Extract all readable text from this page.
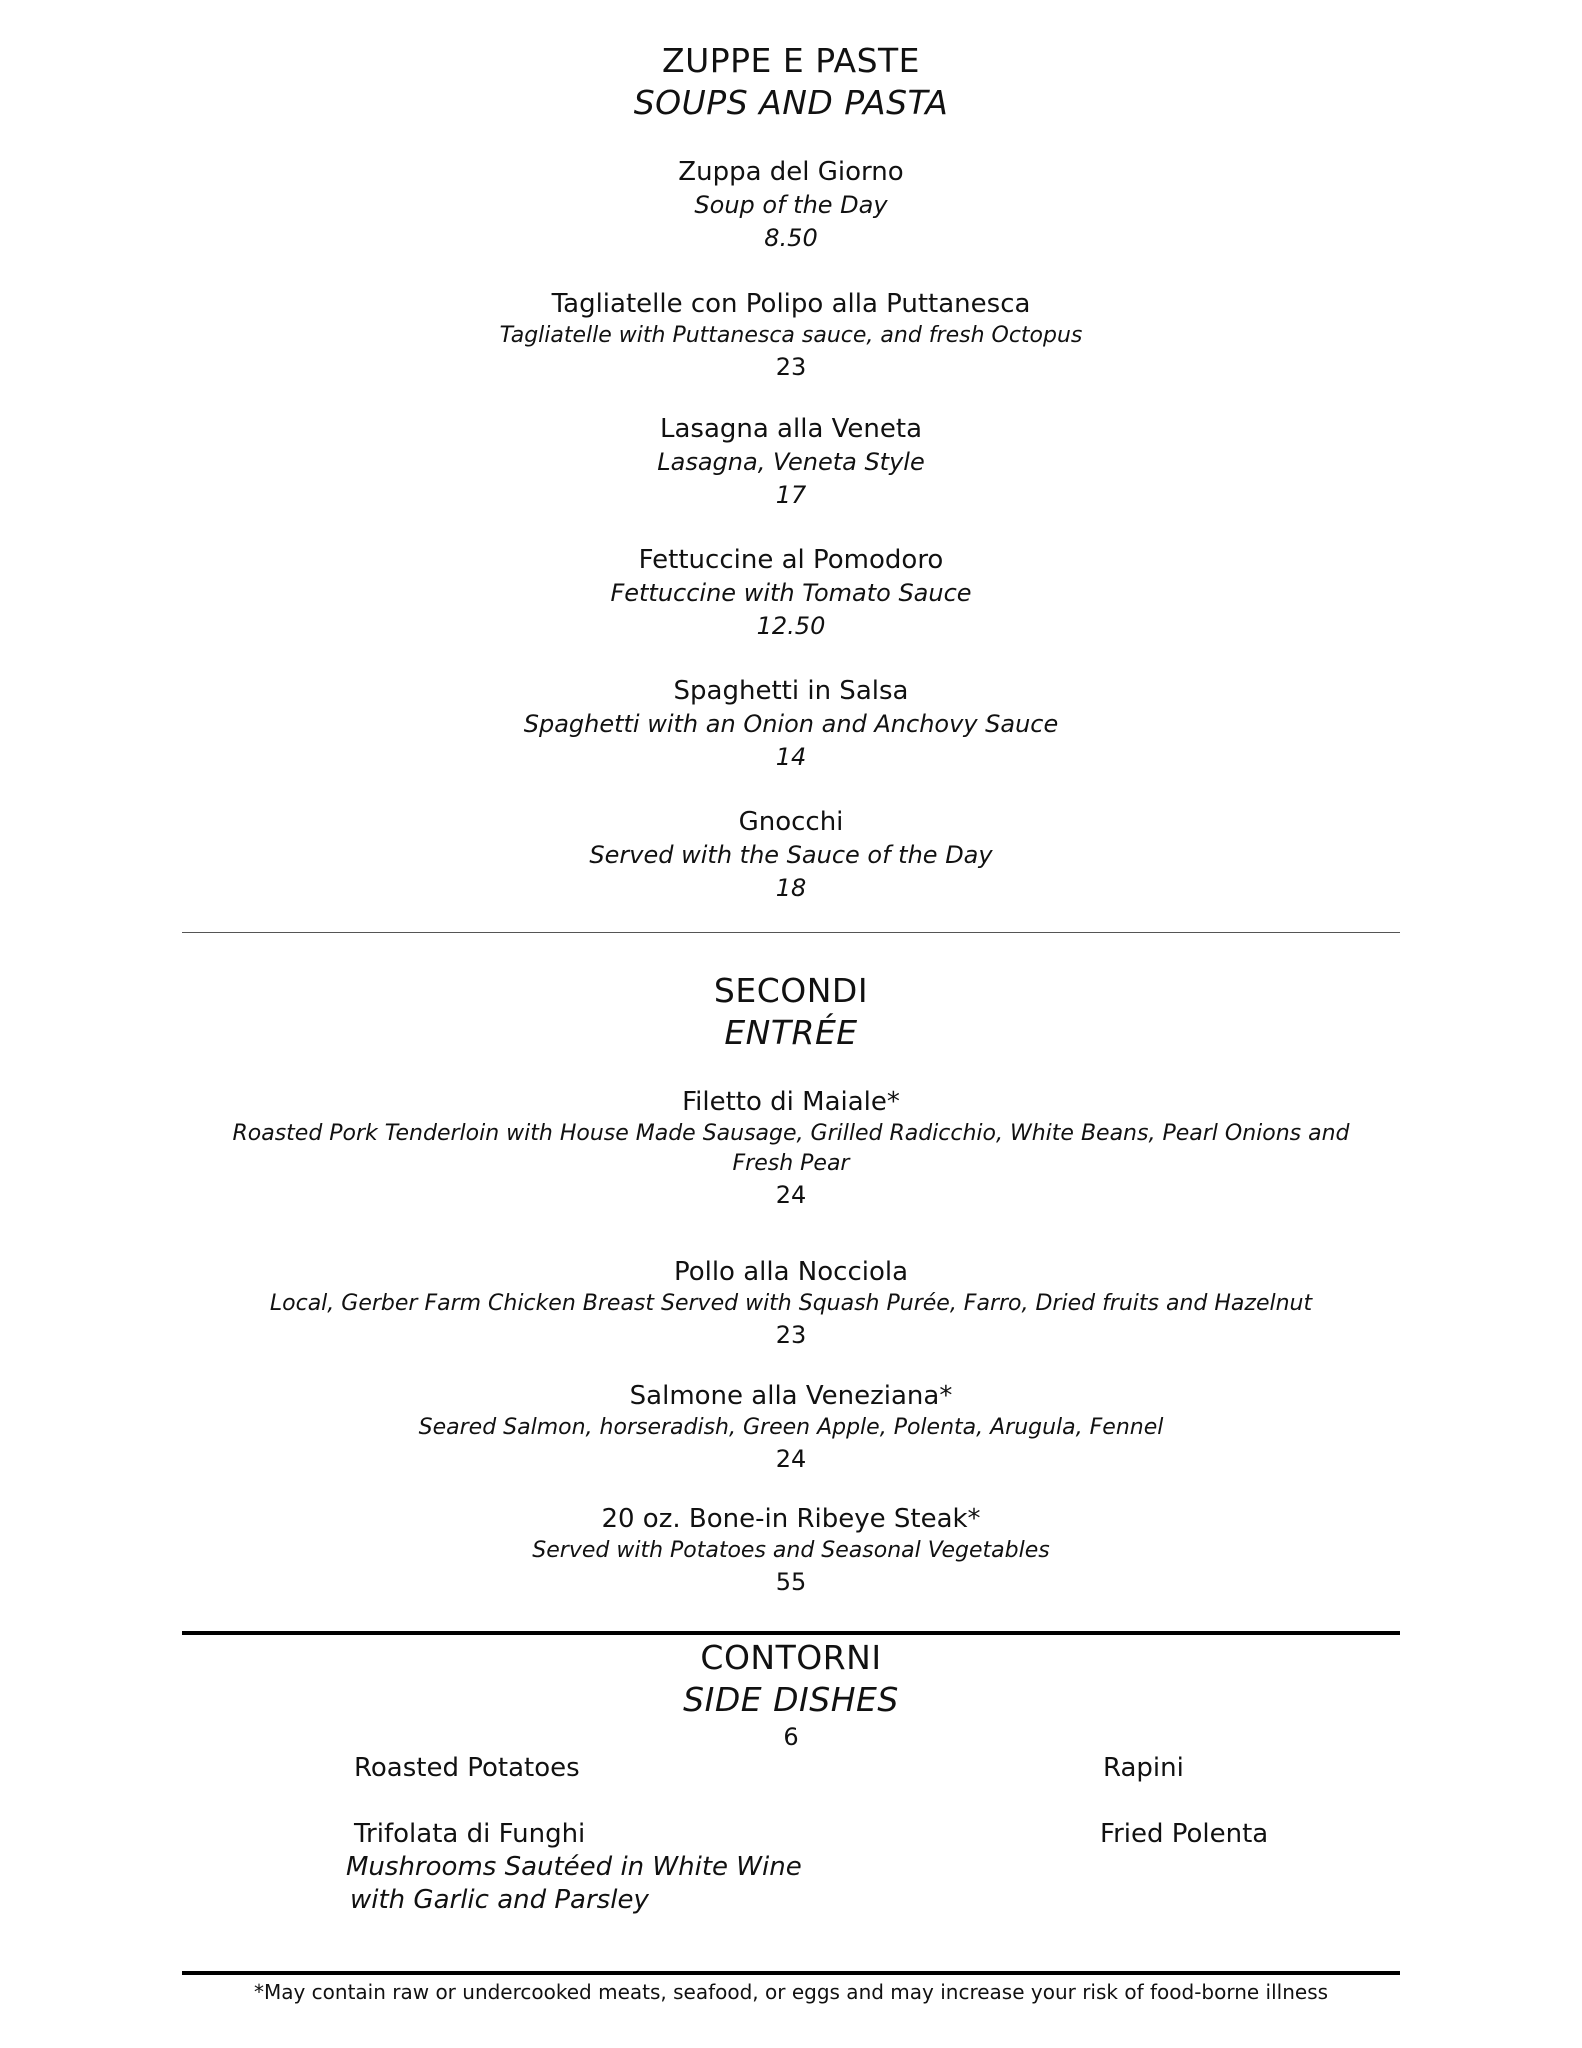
ZUPPE E PASTE
SOUPS AND PASTA
Zuppa del Giorno
Soup of the Day
8.50
Tagliatelle con Polipo alla Puttanesca
Tagliatelle with Puttanesca sauce, and fresh Octopus
23
Lasagna alla Veneta
Lasagna, Veneta Style
17
Fettuccine al Pomodoro
Fettuccine with Tomato Sauce
12.50
Spaghetti in Salsa
Spaghetti with an Onion and Anchovy Sauce
14
Gnocchi
Served with the Sauce of the Day
18
SECONDI
ENTRÉE
Filetto di Maiale*
Roasted Pork Tenderloin with House Made Sausage, Grilled Radicchio, White Beans, Pearl Onions and
Fresh Pear
24
Pollo alla Nocciola
Local, Gerber Farm Chicken Breast Served with Squash Purée, Farro, Dried fruits and Hazelnut
23
Salmone alla Veneziana*
Seared Salmon, horseradish, Green Apple, Polenta, Arugula, Fennel
24
20 oz. Bone-in Ribeye Steak*
Served with Potatoes and Seasonal Vegetables
55
CONTORNI
SIDE DISHES
6
Roasted Potatoes
Trifolata di Funghi
Mushrooms Sautéed in White Wine
with Garlic and Parsley
Rapini
Fried Polenta
*May contain raw or undercooked meats, seafood, or eggs and may increase your risk of food-borne illness
